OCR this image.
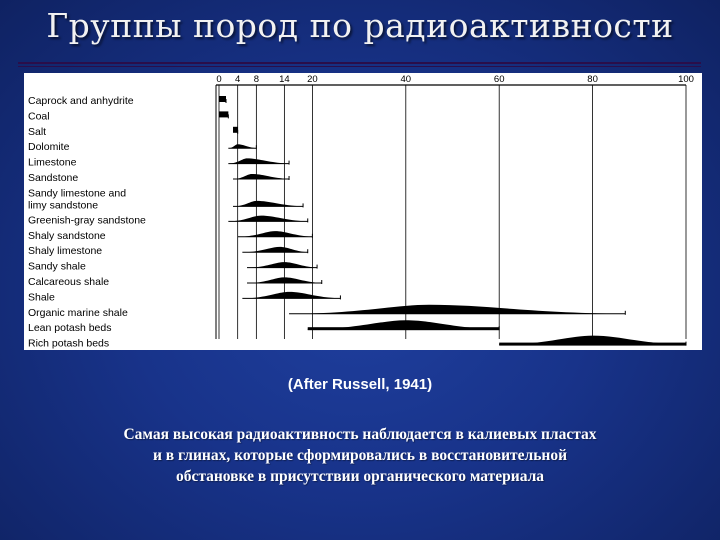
Группы пород по радиоактивности
0 4 8 14 20	40	60	80	100
Caprock and anhydrite
Coal
Salt
Dolomite
Limestone
Sandstone
Sandy limestone and
limy sandstone
Greenish-gray sandstone
Shaly sandstone
Shaly limestone
Sandy shale
Calcareous shale
Shale
Organic marine shale
Lean potash beds
Rich potash beds
(After Russell, 1941)
Самая высокая радиоактивность наблюдается в калиевых пластах
и в глинах, которые сформировались в восстановительной
обстановке в присутствии органического материала
